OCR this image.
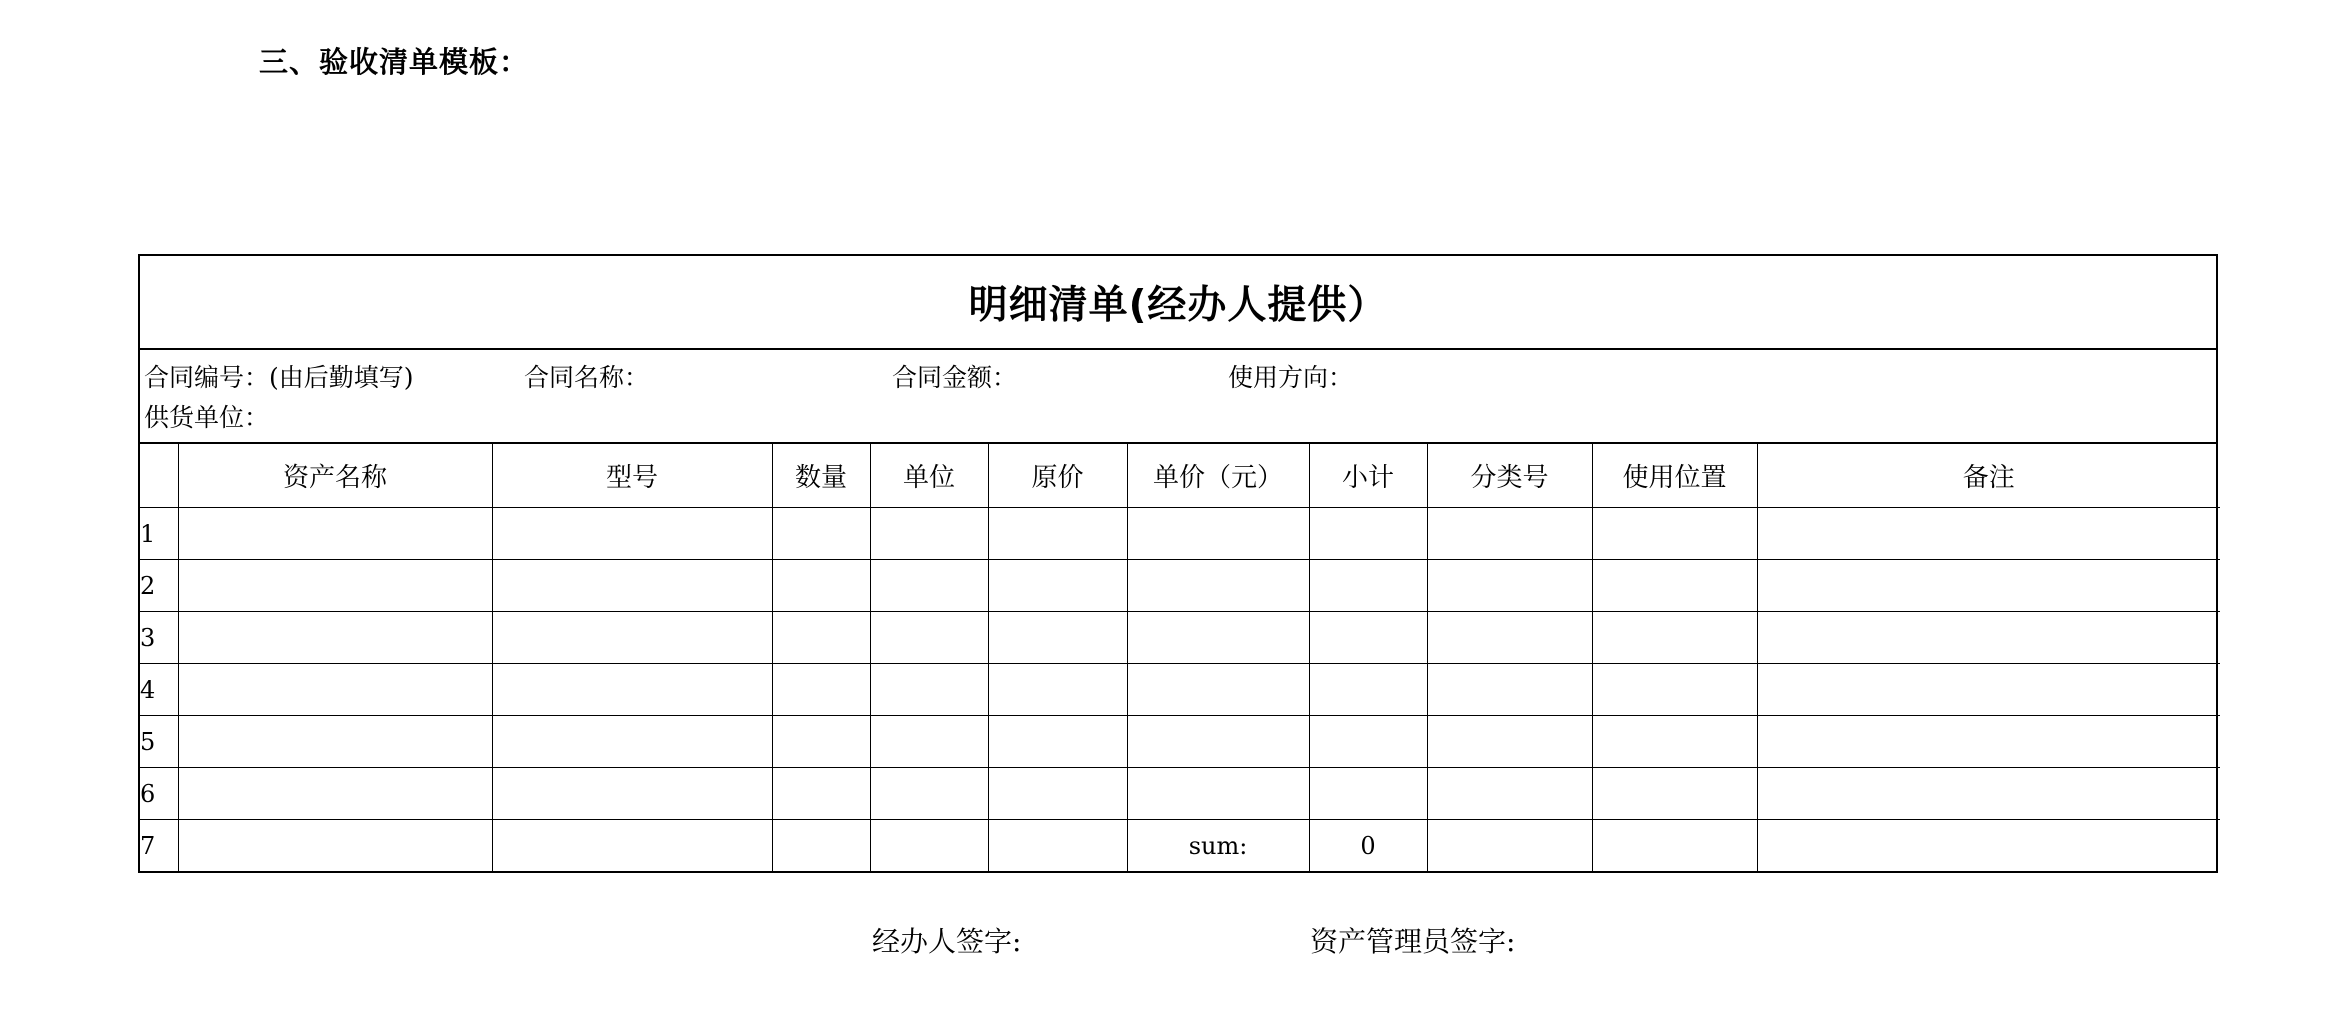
三、验收清单模板：
明细清单(经办人提供）
合同编号：(由后勤填写)	合同名称：	合同金额：	使用方向：
供货单位：
	资产名称	型号	数量	单位	原价	单价（元）	小计	分类号	使用位置	备注
1										
2										
3										
4										
5										
6										
7						sum:	0			
经办人签字:	资产管理员签字:
